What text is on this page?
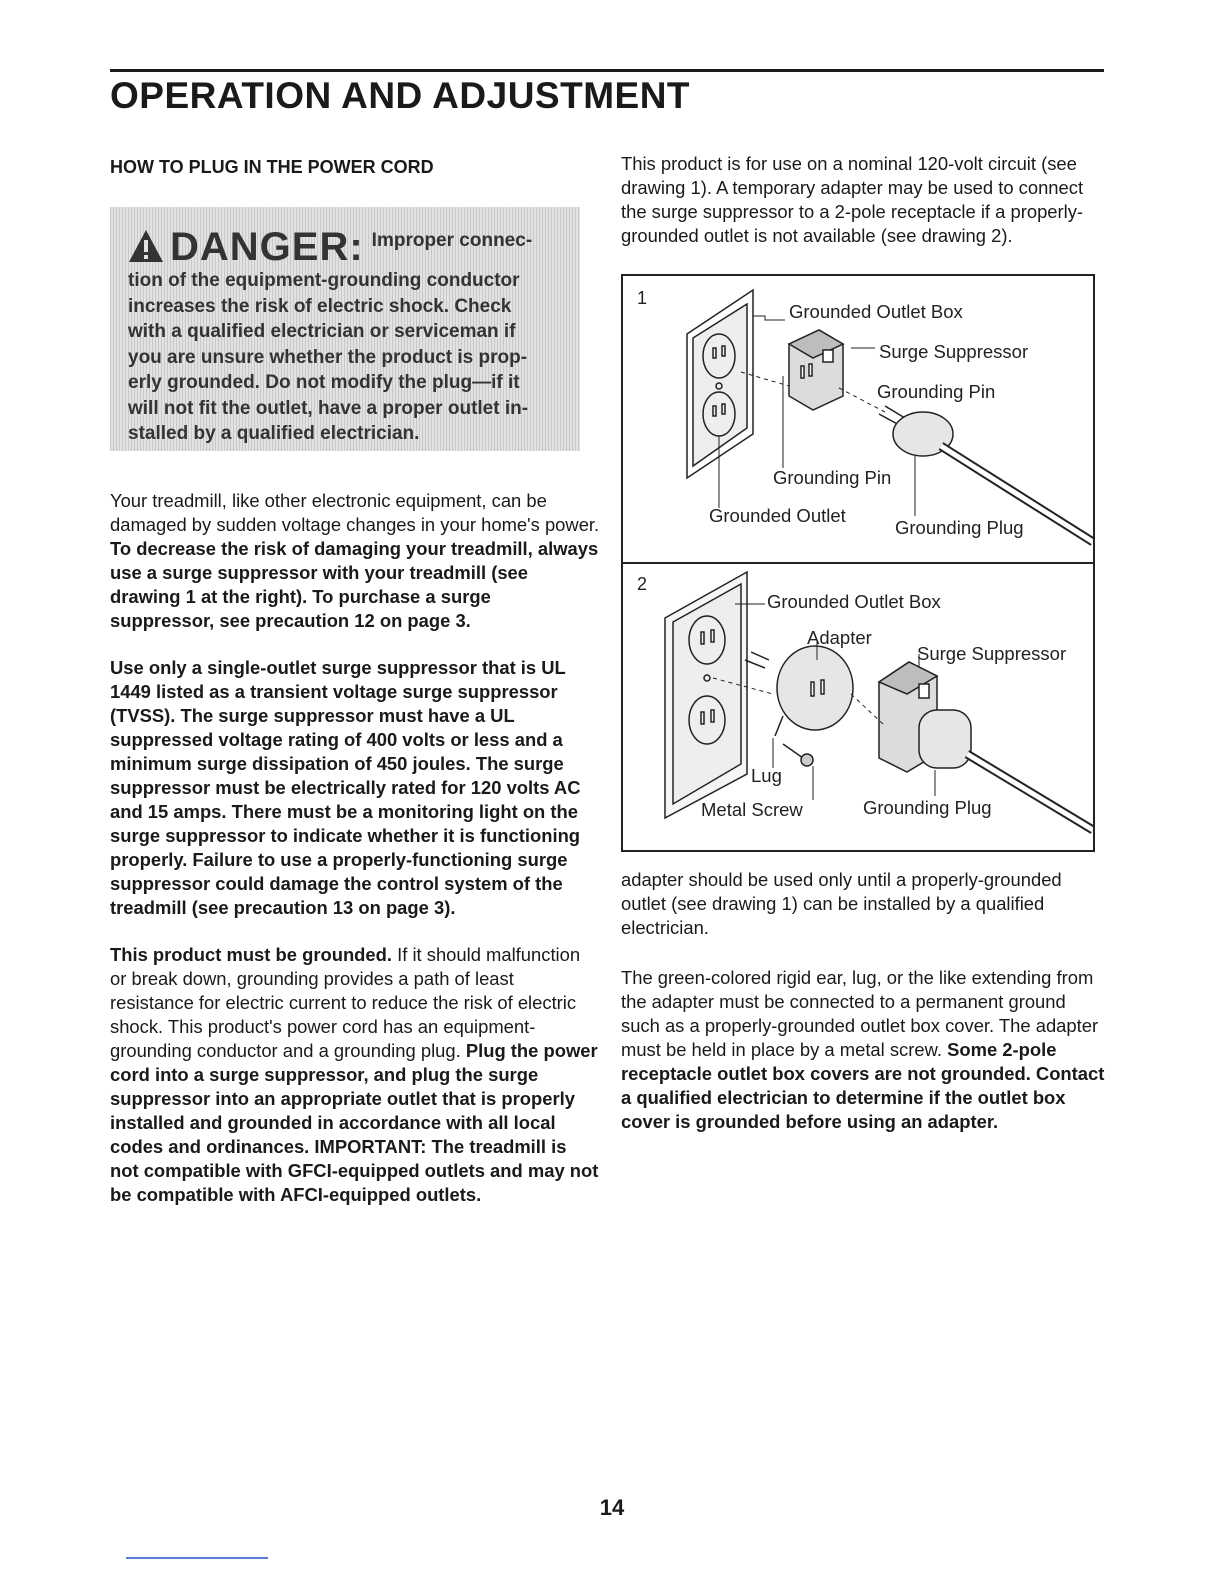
OPERATION AND ADJUSTMENT
HOW TO PLUG IN THE POWER CORD
DANGER: Improper connec-
tion of the equipment-grounding conductor
increases the risk of electric shock. Check
with a qualified electrician or serviceman if
you are unsure whether the product is prop-
erly grounded. Do not modify the plug—if it
will not fit the outlet, have a proper outlet in-
stalled by a qualified electrician.

Your treadmill, like other electronic equipment, can be damaged by sudden voltage changes in your home's power. To decrease the risk of damaging your treadmill, always use a surge suppressor with your treadmill (see drawing 1 at the right). To purchase a surge suppressor, see precaution 12 on page 3.

Use only a single-outlet surge suppressor that is UL 1449 listed as a transient voltage surge suppressor (TVSS). The surge suppressor must have a UL suppressed voltage rating of 400 volts or less and a minimum surge dissipation of 450 joules. The surge suppressor must be electrically rated for 120 volts AC and 15 amps. There must be a monitoring light on the surge suppressor to indicate whether it is functioning properly. Failure to use a properly-functioning surge suppressor could damage the control system of the treadmill (see precaution 13 on page 3).

This product must be grounded. If it should malfunction or break down, grounding provides a path of least resistance for electric current to reduce the risk of electric shock. This product's power cord has an equipment-grounding conductor and a grounding plug. Plug the power cord into a surge suppressor, and plug the surge suppressor into an appropriate outlet that is properly installed and grounded in accordance with all local codes and ordinances. IMPORTANT: The treadmill is not compatible with GFCI-equipped outlets and may not be compatible with AFCI-equipped outlets.

This product is for use on a nominal 120-volt circuit (see drawing 1). A temporary adapter may be used to connect the surge suppressor to a 2-pole receptacle if a properly-grounded outlet is not available (see drawing 2).

1
Grounded Outlet Box
Surge Suppressor
Grounding Pin
Grounding Pin
Grounded Outlet
Grounding Plug
2
Grounded Outlet Box
Adapter
Surge Suppressor
Lug
Metal Screw	Grounding Plug

adapter should be used only until a properly-grounded outlet (see drawing 1) can be installed by a qualified electrician.

The green-colored rigid ear, lug, or the like extending from the adapter must be connected to a permanent ground such as a properly-grounded outlet box cover. The adapter must be held in place by a metal screw. Some 2-pole receptacle outlet box covers are not grounded. Contact a qualified electrician to determine if the outlet box cover is grounded before using an adapter.

14
